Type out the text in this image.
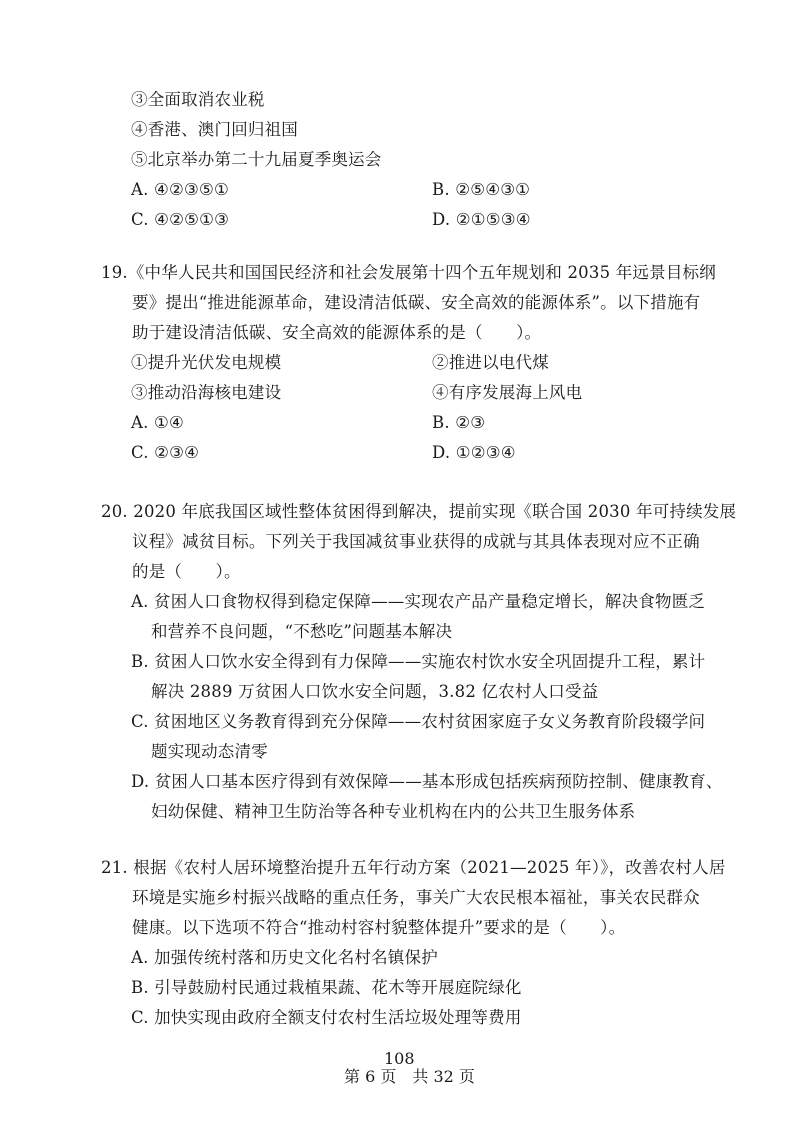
③全面取消农业税
④香港、澳门回归祖国
⑤北京举办第二十九届夏季奥运会
A. ④②③⑤①	B. ②⑤④③①
C. ④②⑤①③	D. ②①⑤③④
19.《中华人民共和国国民经济和社会发展第十四个五年规划和 2035 年远景目标纲
要》提出“推进能源革命，建设清洁低碳、安全高效的能源体系”。以下措施有
助于建设清洁低碳、安全高效的能源体系的是（　　）。
①提升光伏发电规模	②推进以电代煤
③推动沿海核电建设	④有序发展海上风电
A. ①④	B. ②③
C. ②③④	D. ①②③④
20. 2020 年底我国区域性整体贫困得到解决，提前实现《联合国 2030 年可持续发展
议程》减贫目标。下列关于我国减贫事业获得的成就与其具体表现对应不正确
的是（　　）。
A. 贫困人口食物权得到稳定保障——实现农产品产量稳定增长，解决食物匮乏
和营养不良问题，“不愁吃”问题基本解决
B. 贫困人口饮水安全得到有力保障——实施农村饮水安全巩固提升工程，累计
解决 2889 万贫困人口饮水安全问题，3.82 亿农村人口受益
C. 贫困地区义务教育得到充分保障——农村贫困家庭子女义务教育阶段辍学问
题实现动态清零
D. 贫困人口基本医疗得到有效保障——基本形成包括疾病预防控制、健康教育、
妇幼保健、精神卫生防治等各种专业机构在内的公共卫生服务体系
21. 根据《农村人居环境整治提升五年行动方案（2021—2025 年）》，改善农村人居
环境是实施乡村振兴战略的重点任务，事关广大农民根本福祉，事关农民群众
健康。以下选项不符合“推动村容村貌整体提升”要求的是（　　）。
A. 加强传统村落和历史文化名村名镇保护
B. 引导鼓励村民通过栽植果蔬、花木等开展庭院绿化
C. 加快实现由政府全额支付农村生活垃圾处理等费用
108
第 6 页　共 32 页
